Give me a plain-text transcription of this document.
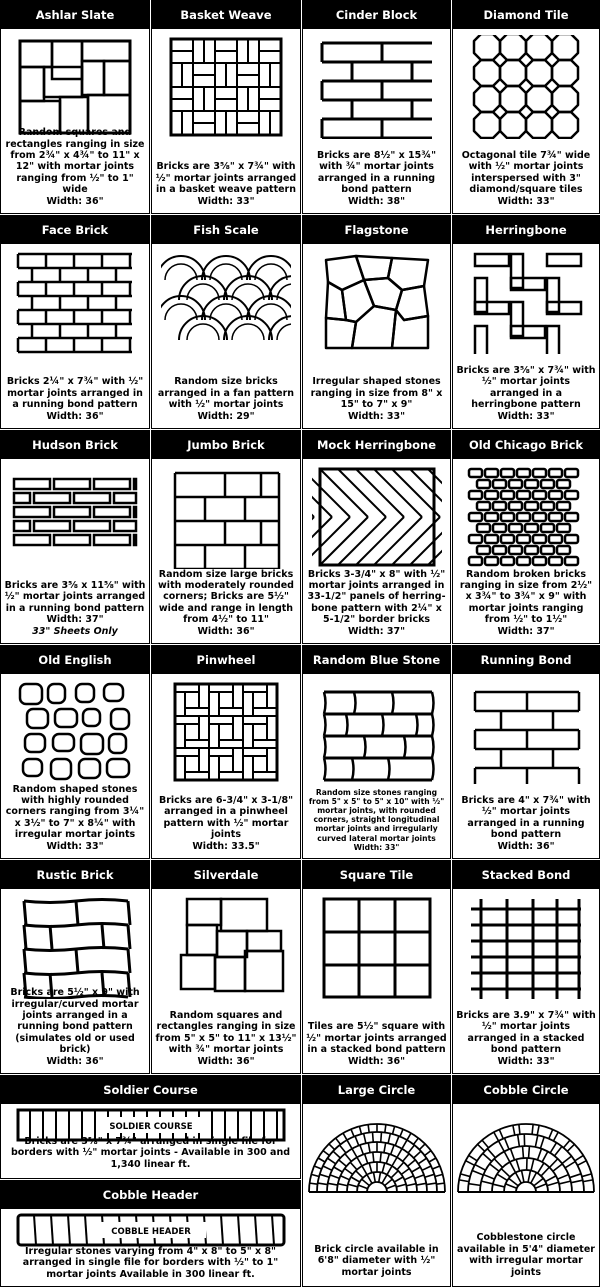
Ashlar Slate
Random squares and rectangles ranging in size from 2¾" x 4¾" to 11" x 12" with mortar joints ranging from ½" to 1" wide
Width: 36"
Basket Weave
Bricks are 3⅝" x 7¾" with ½" mortar joints arranged in a basket weave pattern
Width: 33"
Cinder Block
Bricks are 8½" x 15¾" with ¾" mortar joints arranged in a running bond pattern
Width: 38"
Diamond Tile
Octagonal tile 7¾" wide with ½" mortar joints interspersed with 3" diamond/square tiles
Width: 33"
Face Brick
Bricks 2¼" x 7¾" with ½" mortar joints arranged in a running bond pattern
Width: 36"
Fish Scale
Random size bricks arranged in a fan pattern with ½" mortar joints
Width: 29"
Flagstone
Irregular shaped stones ranging in size from 8" x 15" to 7" x 9"
Width: 33"
Herringbone
Bricks are 3⅝" x 7¾" with ½" mortar joints arranged in a herringbone pattern
Width: 33"
Hudson Brick
Bricks are 3⅝ x 11⅝" with ½" mortar joints arranged in a running bond pattern
Width: 37"
33" Sheets Only
Jumbo Brick
Random size large bricks with moderately rounded corners; Bricks are 5½" wide and range in length from 4½" to 11"
Width: 36"
Mock Herringbone
Bricks 3-3/4" x 8" with ½" mortar joints arranged in 33-1/2" panels of herring-bone pattern with 2¼" x 5-1/2" border bricks
Width: 37"
Old Chicago Brick
Random broken bricks ranging in size from 2½" x 3¾" to 3¾" x 9" with mortar joints ranging from ½" to 1½"
Width: 37"
Old English Cobblestone
Random shaped stones with highly rounded corners ranging from 3¼" x 3½" to 7" x 8¼" with irregular mortar joints
Width: 33"
Pinwheel
Bricks are 6-3/4" x 3-1/8" arranged in a pinwheel pattern with ½" mortar joints
Width: 33.5"
Random Blue Stone
Random size stones ranging from 5" x 5" to 5" x 10" with ½" mortar joints, with rounded corners, straight longitudinal mortar joints and irregularly curved lateral mortar joints
Width: 33"
Running Bond
Bricks are 4" x 7¾" with ½" mortar joints arranged in a running bond pattern
Width: 36"
Rustic Brick
Bricks are 5½" x 9" with irregular/curved mortar joints arranged in a running bond pattern (simulates old or used brick)
Width: 36"
Silverdale
Random squares and rectangles ranging in size from 5" x 5" to 11" x 13½" with ¾" mortar joints
Width: 36"
Square Tile
Tiles are 5½" square with ½" mortar joints arranged in a stacked bond pattern
Width: 36"
Stacked Bond
Bricks are 3.9" x 7¾" with ½" mortar joints arranged in a stacked bond pattern
Width: 33"
Soldier Course
SOLDIER COURSE
Bricks are 3⅝" x 7¾" arranged in single file for borders with ½" mortar joints - Available in 300 and 1,340 linear ft.
Cobble Header
COBBLE HEADER
Irregular stones varying from 4" x 8" to 5" x 8" arranged in single file for borders with ½" to 1" mortar joints Available in 300 linear ft.
Large Circle
Brick circle available in 6'8" diameter with ½" mortar joints
Cobble Circle
Cobblestone circle available in 5'4" diameter with irregular mortar joints
